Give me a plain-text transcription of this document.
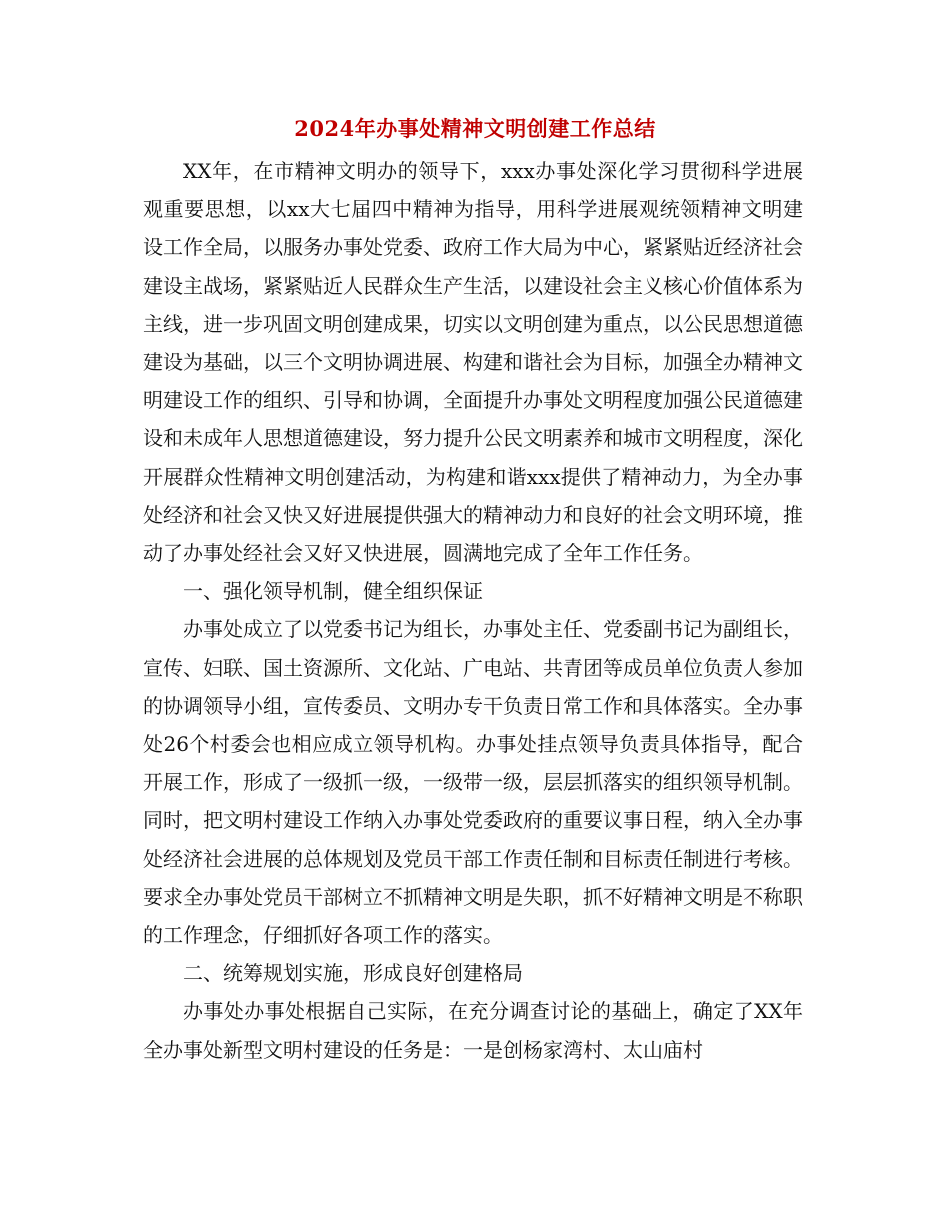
2024年办事处精神文明创建工作总结

XX年，在市精神文明办的领导下，xxx办事处深化学习贯彻科学进展观重要思想，以xx大七届四中精神为指导，用科学进展观统领精神文明建设工作全局，以服务办事处党委、政府工作大局为中心，紧紧贴近经济社会建设主战场，紧紧贴近人民群众生产生活，以建设社会主义核心价值体系为主线，进一步巩固文明创建成果，切实以文明创建为重点，以公民思想道德建设为基础，以三个文明协调进展、构建和谐社会为目标，加强全办精神文明建设工作的组织、引导和协调，全面提升办事处文明程度加强公民道德建设和未成年人思想道德建设，努力提升公民文明素养和城市文明程度，深化开展群众性精神文明创建活动，为构建和谐xxx提供了精神动力，为全办事处经济和社会又快又好进展提供强大的精神动力和良好的社会文明环境，推动了办事处经社会又好又快进展，圆满地完成了全年工作任务。

一、强化领导机制，健全组织保证

办事处成立了以党委书记为组长，办事处主任、党委副书记为副组长，宣传、妇联、国土资源所、文化站、广电站、共青团等成员单位负责人参加的协调领导小组，宣传委员、文明办专干负责日常工作和具体落实。全办事处26个村委会也相应成立领导机构。办事处挂点领导负责具体指导，配合开展工作，形成了一级抓一级，一级带一级，层层抓落实的组织领导机制。同时，把文明村建设工作纳入办事处党委政府的重要议事日程，纳入全办事处经济社会进展的总体规划及党员干部工作责任制和目标责任制进行考核。要求全办事处党员干部树立不抓精神文明是失职，抓不好精神文明是不称职的工作理念，仔细抓好各项工作的落实。

二、统筹规划实施，形成良好创建格局

办事处办事处根据自己实际，在充分调查讨论的基础上，确定了XX年全办事处新型文明村建设的任务是：一是创杨家湾村、太山庙村
